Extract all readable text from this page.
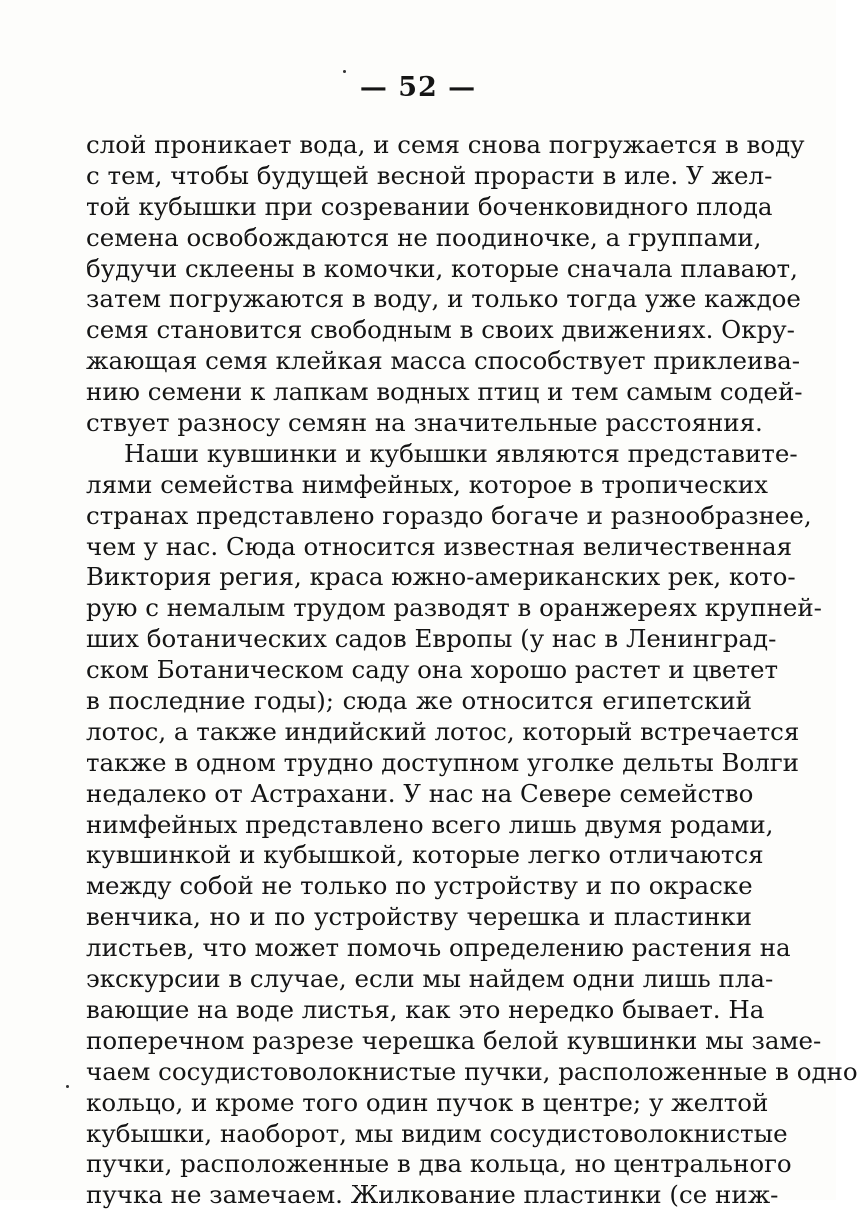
— 52 —
слой проникает вода, и семя снова погружается в воду
с тем, чтобы будущей весной прорасти в иле. У жел-
той кубышки при созревании боченковидного плода
семена освобождаются не поодиночке, а группами,
будучи склеены в комочки, которые сначала плавают,
затем погружаются в воду, и только тогда уже каждое
семя становится свободным в своих движениях. Окру-
жающая семя клейкая масса способствует приклеива-
нию семени к лапкам водных птиц и тем самым содей-
ствует разносу семян на значительные расстояния.
Наши кувшинки и кубышки являются представите-
лями семейства нимфейных, которое в тропических
странах представлено гораздо богаче и разнообразнее,
чем у нас. Сюда относится известная величественная
Виктория регия, краса южно-американских рек, кото-
рую с немалым трудом разводят в оранжереях крупней-
ших ботанических садов Европы (у нас в Ленинград-
ском Ботаническом саду она хорошо растет и цветет
в последние годы); сюда же относится египетский
лотос, а также индийский лотос, который встречается
также в одном трудно доступном уголке дельты Волги
недалеко от Астрахани. У нас на Севере семейство
нимфейных представлено всего лишь двумя родами,
кувшинкой и кубышкой, которые легко отличаются
между собой не только по устройству и по окраске
венчика, но и по устройству черешка и пластинки
листьев, что может помочь определению растения на
экскурсии в случае, если мы найдем одни лишь пла-
вающие на воде листья, как это нередко бывает. На
поперечном разрезе черешка белой кувшинки мы заме-
чаем сосудистоволокнистые пучки, расположенные в одно
кольцо, и кроме того один пучок в центре; у желтой
кубышки, наоборот, мы видим сосудистоволокнистые
пучки, расположенные в два кольца, но центрального
пучка не замечаем. Жилкование пластинки (се ниж-
